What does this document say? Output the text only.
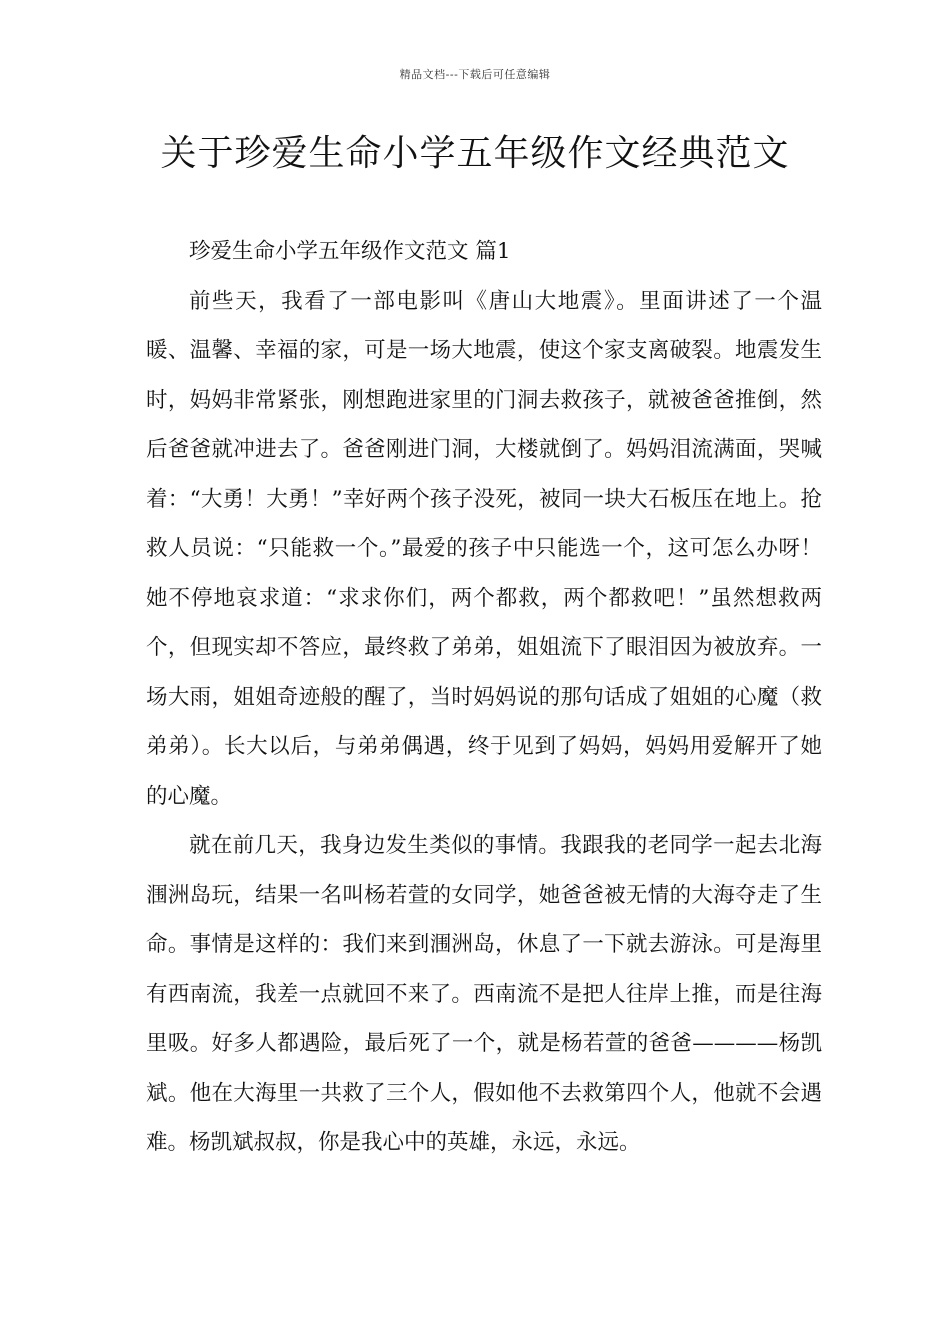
精品文档---下载后可任意编辑
关于珍爱生命小学五年级作文经典范文

珍爱生命小学五年级作文范文 篇1

前些天，我看了一部电影叫《唐山大地震》。里面讲述了一个温暖、温馨、幸福的家，可是一场大地震，使这个家支离破裂。地震发生时，妈妈非常紧张，刚想跑进家里的门洞去救孩子，就被爸爸推倒，然后爸爸就冲进去了。爸爸刚进门洞，大楼就倒了。妈妈泪流满面，哭喊着：“大勇！大勇！”幸好两个孩子没死，被同一块大石板压在地上。抢救人员说：“只能救一个。”最爱的孩子中只能选一个，这可怎么办呀！她不停地哀求道：“求求你们，两个都救，两个都救吧！”虽然想救两个，但现实却不答应，最终救了弟弟，姐姐流下了眼泪因为被放弃。一场大雨，姐姐奇迹般的醒了，当时妈妈说的那句话成了姐姐的心魔（救弟弟）。长大以后，与弟弟偶遇，终于见到了妈妈，妈妈用爱解开了她的心魔。

就在前几天，我身边发生类似的事情。我跟我的老同学一起去北海涠洲岛玩，结果一名叫杨若萱的女同学，她爸爸被无情的大海夺走了生命。事情是这样的：我们来到涠洲岛，休息了一下就去游泳。可是海里有西南流，我差一点就回不来了。西南流不是把人往岸上推，而是往海里吸。好多人都遇险，最后死了一个，就是杨若萱的爸爸————杨凯斌。他在大海里一共救了三个人，假如他不去救第四个人，他就不会遇难。杨凯斌叔叔，你是我心中的英雄，永远，永远。
